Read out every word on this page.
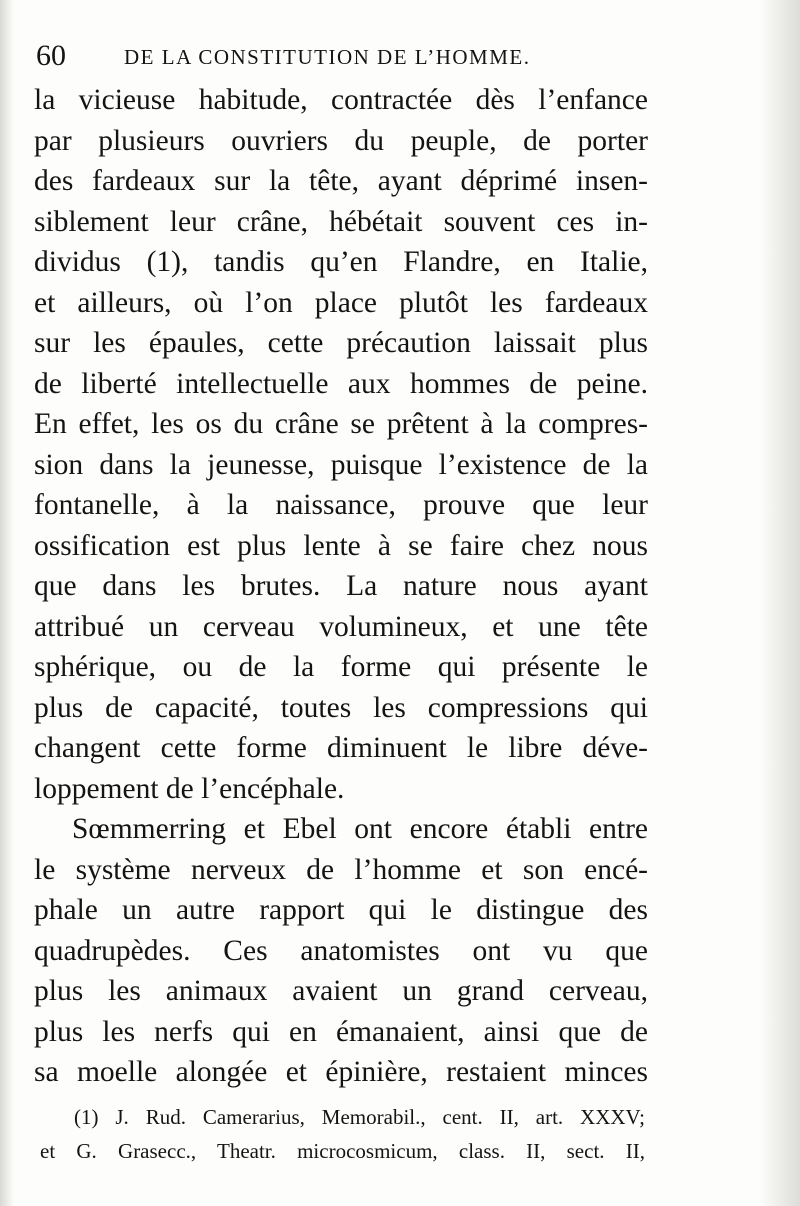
60	DE LA CONSTITUTION DE L’HOMME.
la vicieuse habitude, contractée dès l’enfance
par plusieurs ouvriers du peuple, de porter
des fardeaux sur la tête, ayant déprimé insen-
siblement leur crâne, hébétait souvent ces in-
dividus (1), tandis qu’en Flandre, en Italie,
et ailleurs, où l’on place plutôt les fardeaux
sur les épaules, cette précaution laissait plus
de liberté intellectuelle aux hommes de peine.
En effet, les os du crâne se prêtent à la compres-
sion dans la jeunesse, puisque l’existence de la
fontanelle, à la naissance, prouve que leur
ossification est plus lente à se faire chez nous
que dans les brutes. La nature nous ayant
attribué un cerveau volumineux, et une tête
sphérique, ou de la forme qui présente le
plus de capacité, toutes les compressions qui
changent cette forme diminuent le libre déve-
loppement de l’encéphale.
Sœmmerring et Ebel ont encore établi entre
le système nerveux de l’homme et son encé-
phale un autre rapport qui le distingue des
quadrupèdes. Ces anatomistes ont vu que
plus les animaux avaient un grand cerveau,
plus les nerfs qui en émanaient, ainsi que de
sa moelle alongée et épinière, restaient minces
(1) J. Rud. Camerarius, Memorabil., cent. II, art. XXXV;
et G. Grasecc., Theatr. microcosmicum, class. II, sect. II,
